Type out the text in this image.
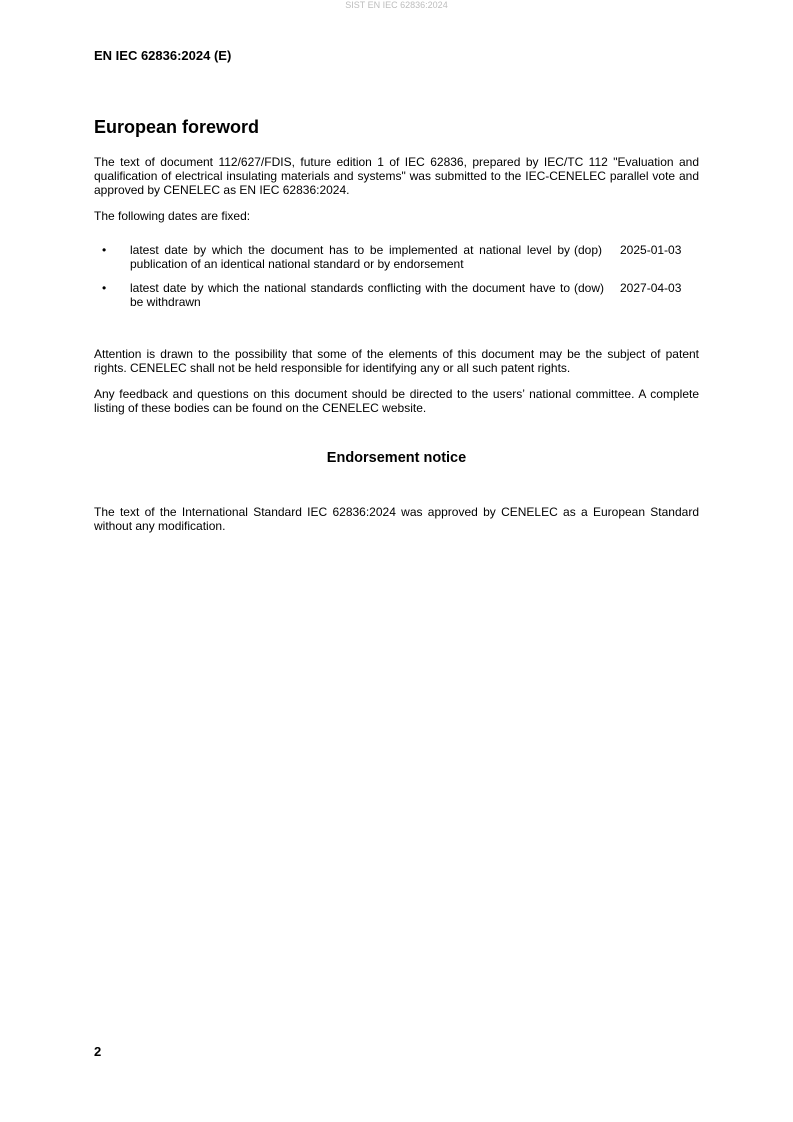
SIST EN IEC 62836:2024
EN IEC 62836:2024 (E)
European foreword

The text of document 112/627/FDIS, future edition 1 of IEC 62836, prepared by IEC/TC 112 "Evaluation and qualification of electrical insulating materials and systems" was submitted to the IEC-CENELEC parallel vote and approved by CENELEC as EN IEC 62836:2024.

The following dates are fixed:

•	latest date by which the document has to be implemented at national level by publication of an identical national standard or by endorsement
(dop)	2025-01-03
•	latest date by which the national standards conflicting with the document have to be withdrawn
(dow)	2027-04-03

Attention is drawn to the possibility that some of the elements of this document may be the subject of patent rights. CENELEC shall not be held responsible for identifying any or all such patent rights.

Any feedback and questions on this document should be directed to the users’ national committee. A complete listing of these bodies can be found on the CENELEC website.

Endorsement notice

The text of the International Standard IEC 62836:2024 was approved by CENELEC as a European Standard without any modification.

2
